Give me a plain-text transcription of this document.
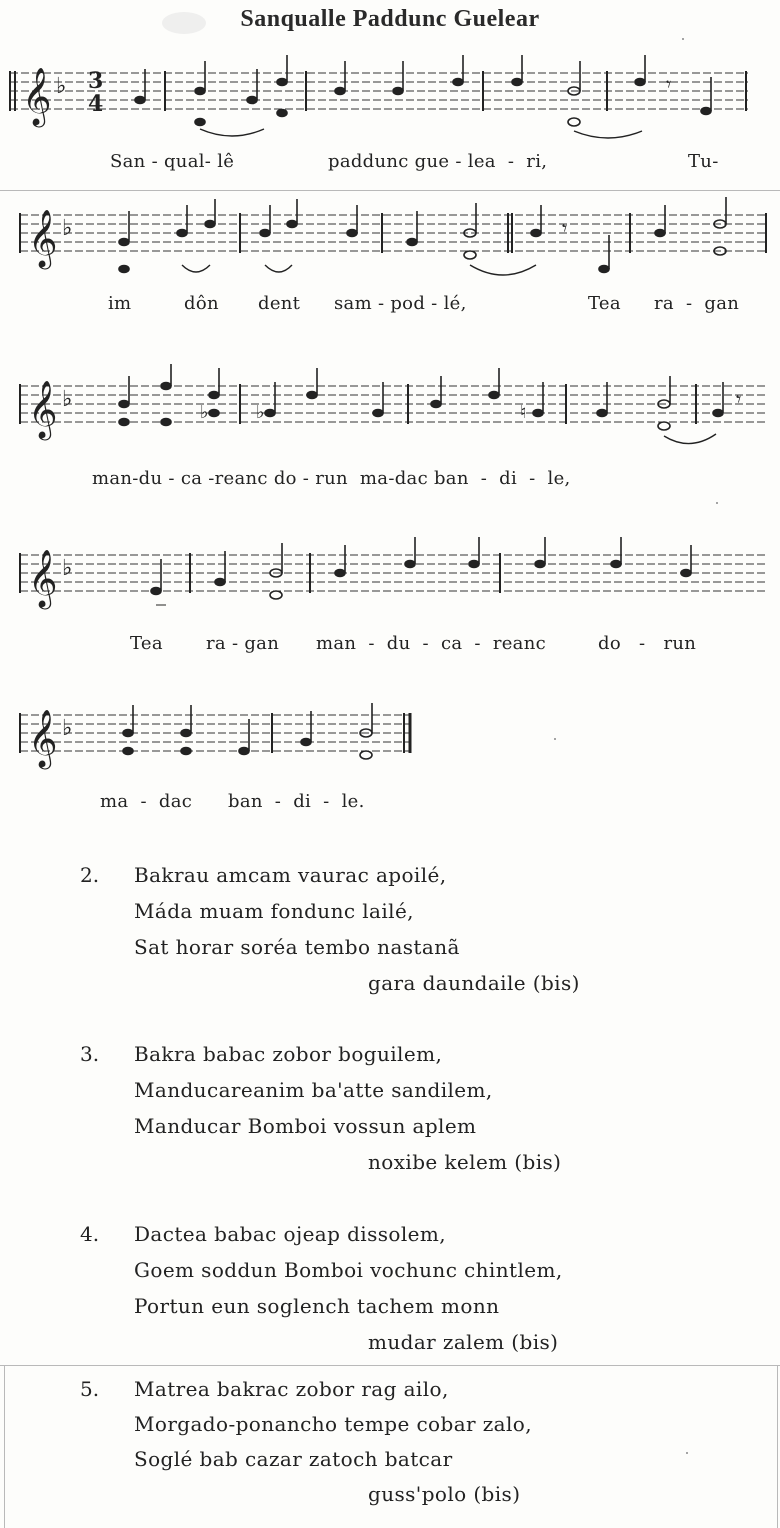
Sanqualle Paddunc Guelear
𝄞 ♭ 3
4
𝄾
San - qual- lê	paddunc gue - lea  -  ri,	Tu-
𝄞 ♭	𝄾
im	dôn dent sam - pod - lé,	Tea ra  -  gan
𝄞 ♭
♭	♭	♮
𝄾
man-du - ca -reanc do - run  ma-dac ban  -  di  -  le,
𝄞 ♭
Tea ra - gan man  -  du  -  ca  -  reanc	do   -   run
𝄞 ♭
ma  -  dac ban  -  di  -  le.
2. Bakrau amcam vaurac apoilé,
Máda muam fondunc lailé,
Sat horar soréa tembo nastanã
gara daundaile (bis)
3. Bakra babac zobor boguilem,
Manducareanim ba'atte sandilem,
Manducar Bomboi vossun aplem
noxibe kelem (bis)
4. Dactea babac ojeap dissolem,
Goem soddun Bomboi vochunc chintlem,
Portun eun soglench tachem monn
mudar zalem (bis)
5. Matrea bakrac zobor rag ailo,
Morgado-ponancho tempe cobar zalo,
Soglé bab cazar zatoch batcar
guss'polo (bis)
